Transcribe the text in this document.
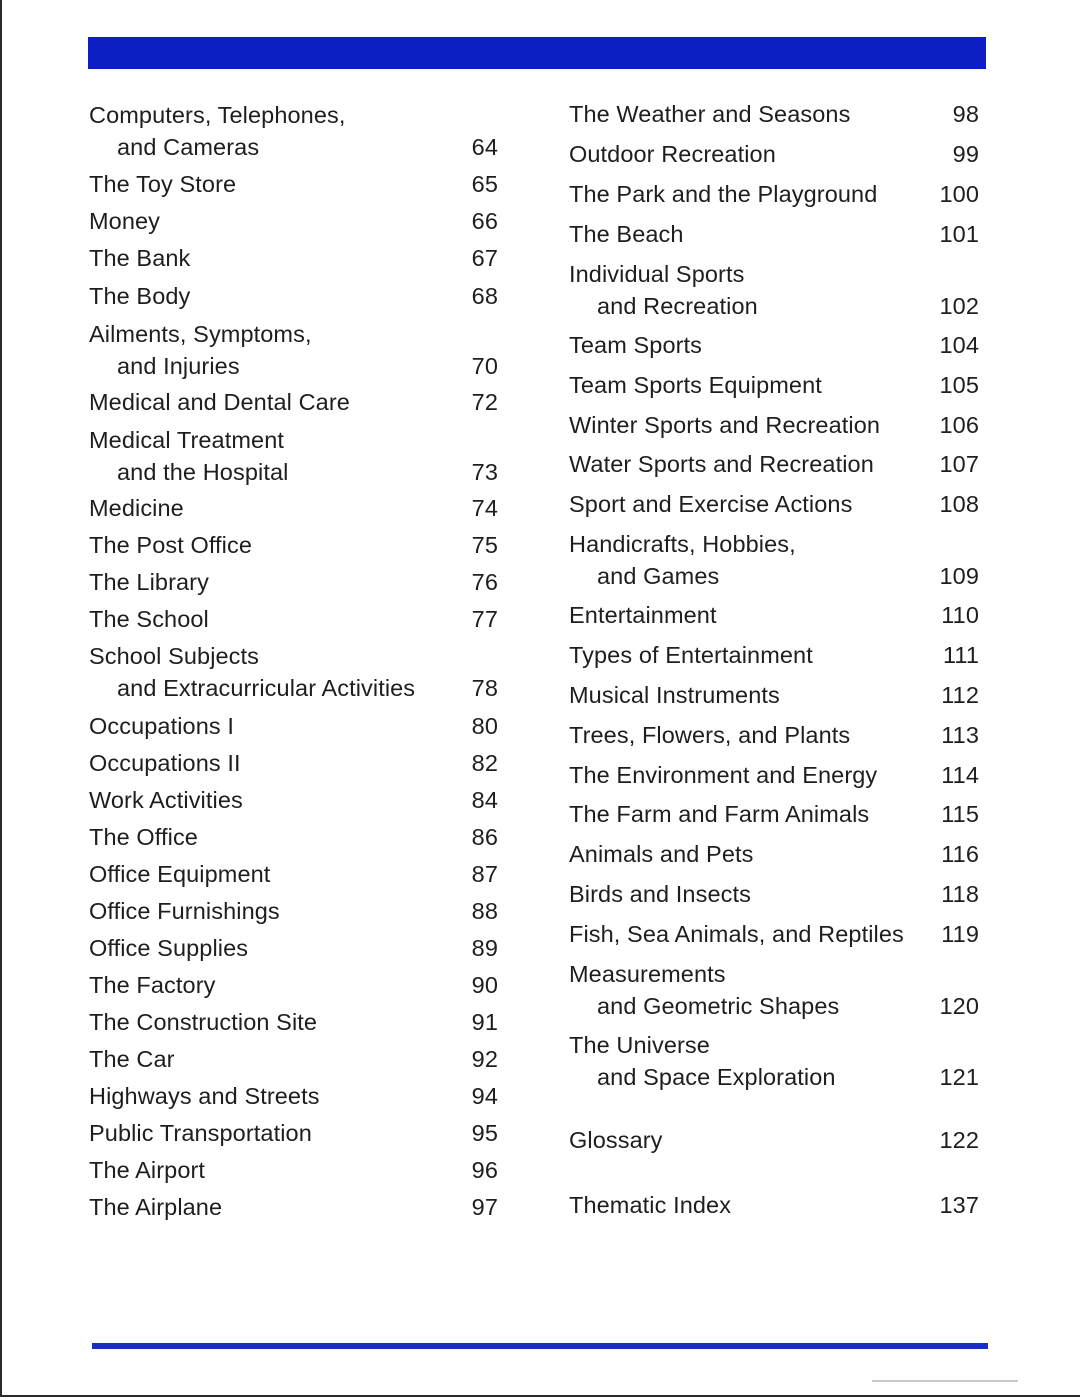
Computers, Telephones,
and Cameras	64
The Toy Store	65
Money	66
The Bank	67
The Body	68
Ailments, Symptoms,
and Injuries	70
Medical and Dental Care	72
Medical Treatment
and the Hospital	73
Medicine	74
The Post Office	75
The Library	76
The School	77
School Subjects
and Extracurricular Activities	78
Occupations I	80
Occupations II	82
Work Activities	84
The Office	86
Office Equipment	87
Office Furnishings	88
Office Supplies	89
The Factory	90
The Construction Site	91
The Car	92
Highways and Streets	94
Public Transportation	95
The Airport	96
The Airplane	97
The Weather and Seasons	98
Outdoor Recreation	99
The Park and the Playground	100
The Beach	101
Individual Sports
and Recreation	102
Team Sports	104
Team Sports Equipment	105
Winter Sports and Recreation	106
Water Sports and Recreation	107
Sport and Exercise Actions	108
Handicrafts, Hobbies,
and Games	109
Entertainment	110
Types of Entertainment	111
Musical Instruments	112
Trees, Flowers, and Plants	113
The Environment and Energy	114
The Farm and Farm Animals	115
Animals and Pets	116
Birds and Insects	118
Fish, Sea Animals, and Reptiles	119
Measurements
and Geometric Shapes	120
The Universe
and Space Exploration	121
Glossary	122
Thematic Index	137
